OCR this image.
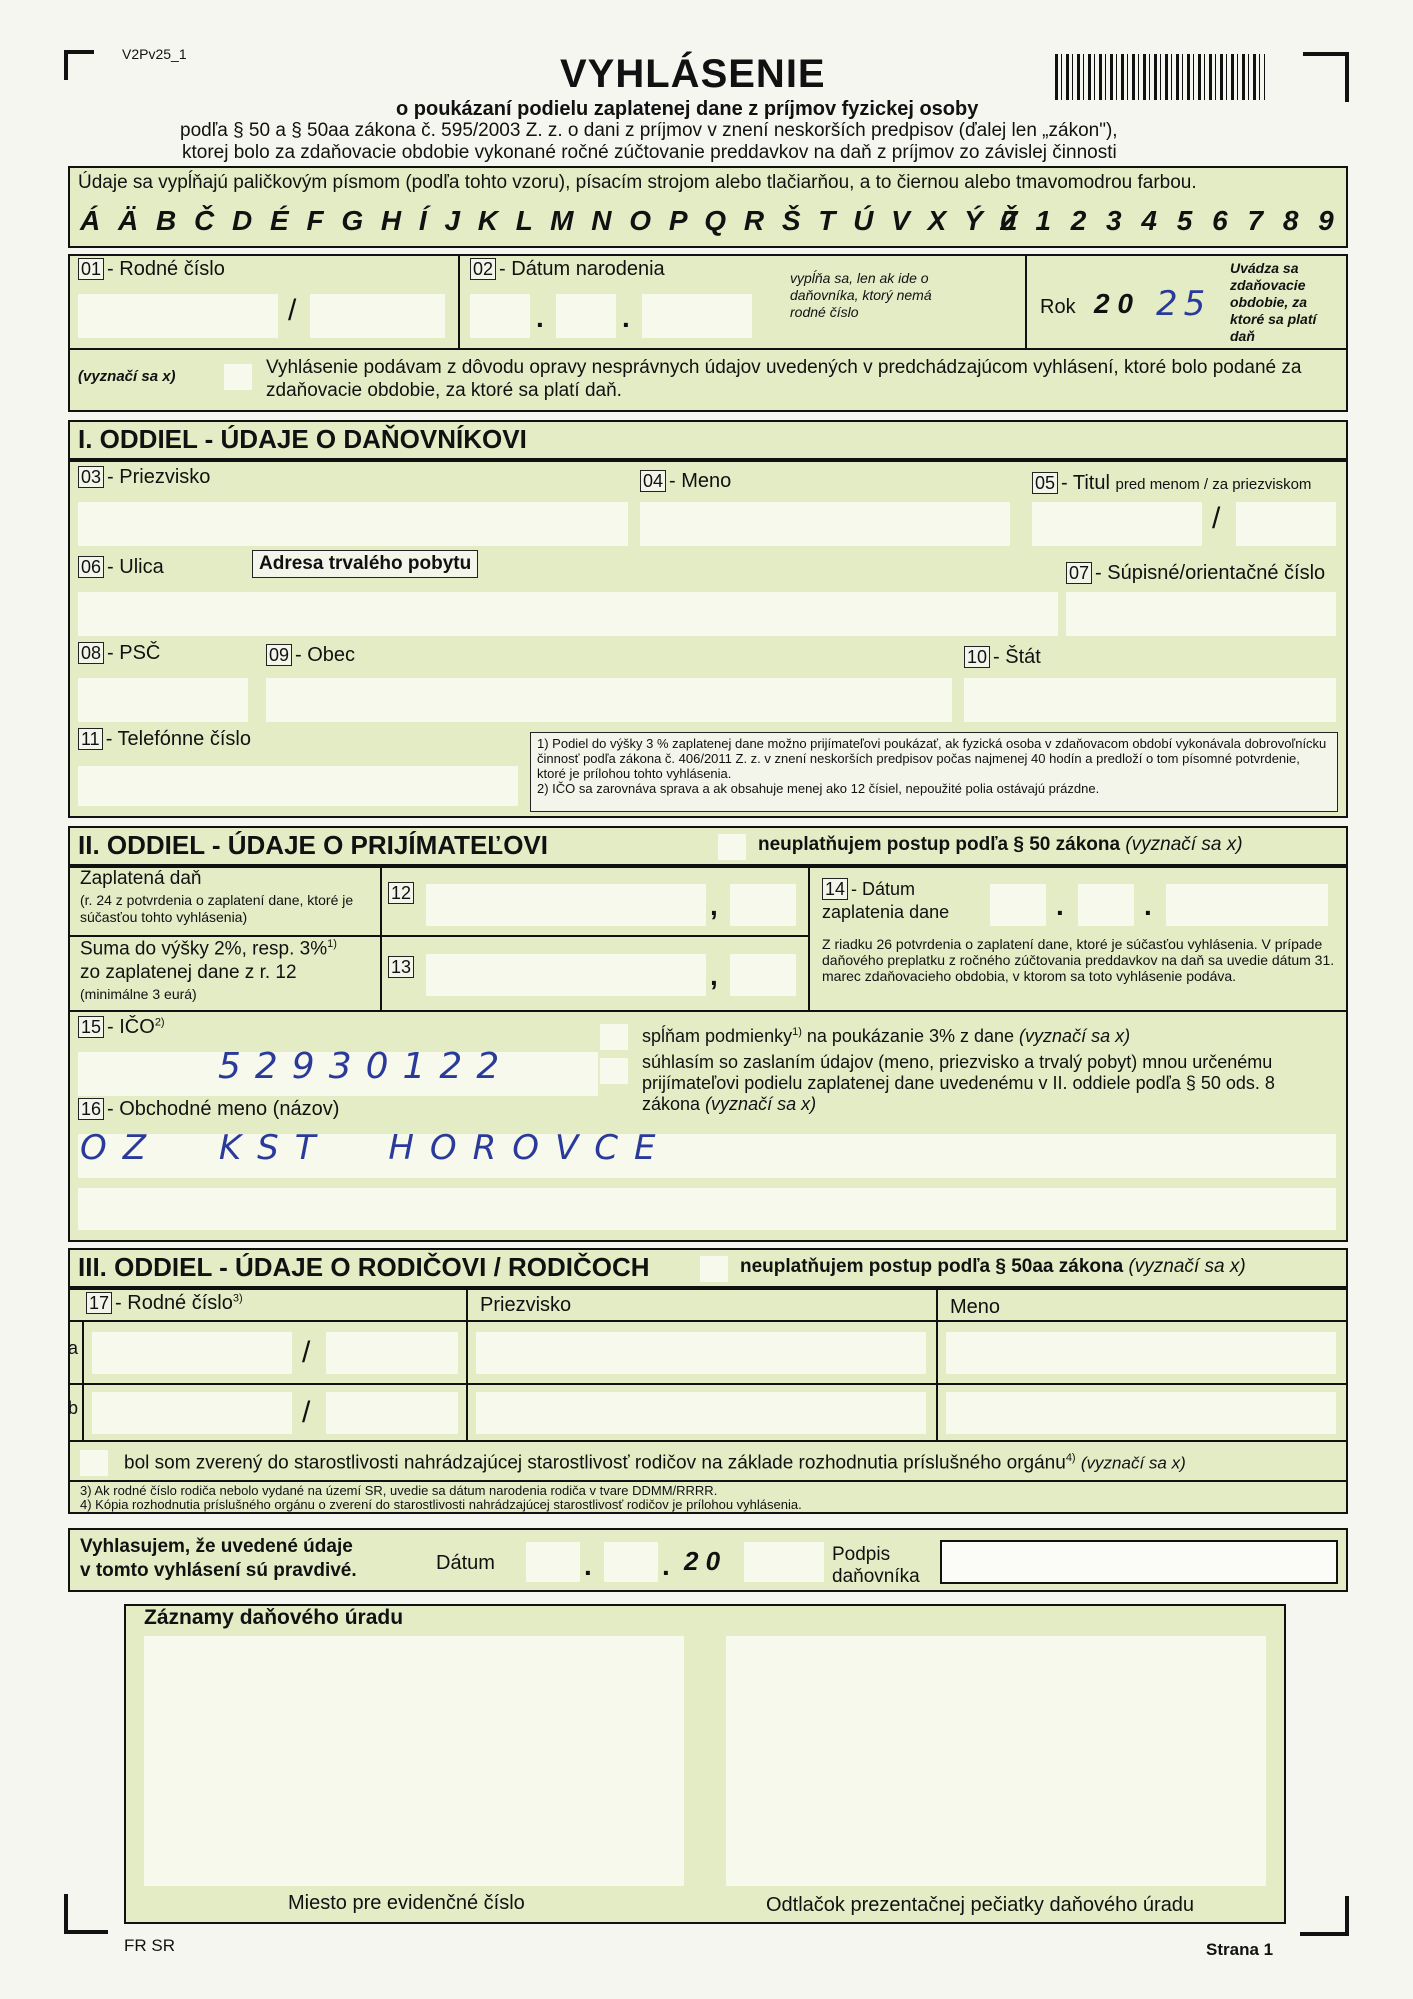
V2Pv25_1	VYHLÁSENIE
o poukázaní podielu zaplatenej dane z príjmov fyzickej osoby
podľa § 50 a § 50aa zákona č. 595/2003 Z. z. o dani z príjmov v znení neskorších predpisov (ďalej len „zákon"),
ktorej bolo za zdaňovacie obdobie vykonané ročné zúčtovanie preddavkov na daň z príjmov zo závislej činnosti
Údaje sa vypĺňajú paličkovým písmom (podľa tohto vzoru), písacím strojom alebo tlačiarňou, a to čiernou alebo tmavomodrou farbou.
Á Ä B Č D É F G H Í J K L M N O P Q R Š T Ú V X Ý Ž
0 1 2 3 4 5 6 7 8 9
01 - Rodné číslo
/
02 - Dátum narodenia
.	.
vypĺňa sa, len ak ide o daňovníka, ktorý nemá rodné číslo	Rok 2 0 25
Uvádza sa zdaňovacie obdobie, za ktoré sa platí daň
(vyznačí sa x)	Vyhlásenie podávam z dôvodu opravy nesprávnych údajov uvedených v predchádzajúcom vyhlásení, ktoré bolo podané za zdaňovacie obdobie, za ktoré sa platí daň.
I. ODDIEL - ÚDAJE O DAŇOVNÍKOVI
03 - Priezvisko	04 - Meno	05 - Titul pred menom / za priezviskom
/
06 - Ulica	Adresa trvalého pobytu	07 - Súpisné/orientačné číslo
08 - PSČ	09 - Obec	10 - Štát
11 - Telefónne číslo	1) Podiel do výšky 3 % zaplatenej dane možno prijímateľovi poukázať, ak fyzická osoba v zdaňovacom období vykonávala dobrovoľnícku činnosť podľa zákona č. 406/2011 Z. z. v znení neskorších predpisov počas najmenej 40 hodín a predloží o tom písomné potvrdenie, ktoré je prílohou tohto vyhlásenia.
2) IČO sa zarovnáva sprava a ak obsahuje menej ako 12 čísiel, nepoužité polia ostávajú prázdne.
II. ODDIEL - ÚDAJE O PRIJÍMATEĽOVI	neuplatňujem postup podľa § 50 zákona (vyznačí sa x)
Zaplatená daň
(r. 24 z potvrdenia o zaplatení dane, ktoré je súčasťou tohto vyhlásenia)
12	,
Suma do výšky 2%, resp. 3%$^{1)}$
zo zaplatenej dane z r. 12
(minimálne 3 eurá)
13	,
14 - Dátum
zaplatenia dane	.	.
Z riadku 26 potvrdenia o zaplatení dane, ktoré je súčasťou vyhlásenia. V prípade daňového preplatku z ročného zúčtovania preddavkov na daň sa uvedie dátum 31. marec zdaňovacieho obdobia, v ktorom sa toto vyhlásenie podáva.
15 - IČO$^{2)}$
52930122
spĺňam podmienky$^{1)}$ na poukázanie 3% z dane (vyznačí sa x)
súhlasím so zaslaním údajov (meno, priezvisko a trvalý pobyt) mnou určenému prijímateľovi podielu zaplatenej dane uvedenému v II. oddiele podľa § 50 ods. 8 zákona (vyznačí sa x)
16 - Obchodné meno (názov)
OZ KST HOROVCE
III. ODDIEL - ÚDAJE O RODIČOVI / RODIČOCH	neuplatňujem postup podľa § 50aa zákona (vyznačí sa x)
17 - Rodné číslo$^{3)}$	Priezvisko	Meno
a	/
b	/
bol som zverený do starostlivosti nahrádzajúcej starostlivosť rodičov na základe rozhodnutia príslušného orgánu$^{4)}$ (vyznačí sa x)
3) Ak rodné číslo rodiča nebolo vydané na území SR, uvedie sa dátum narodenia rodiča v tvare DDMM/RRRR.
4) Kópia rozhodnutia príslušného orgánu o zverení do starostlivosti nahrádzajúcej starostlivosť rodičov je prílohou vyhlásenia.
Vyhlasujem, že uvedené údaje
v tomto vyhlásení sú pravdivé.	Dátum	.	. 2 0	Podpis
daňovníka
Záznamy daňového úradu
Miesto pre evidenčné číslo	Odtlačok prezentačnej pečiatky daňového úradu
FR SR	Strana 1
